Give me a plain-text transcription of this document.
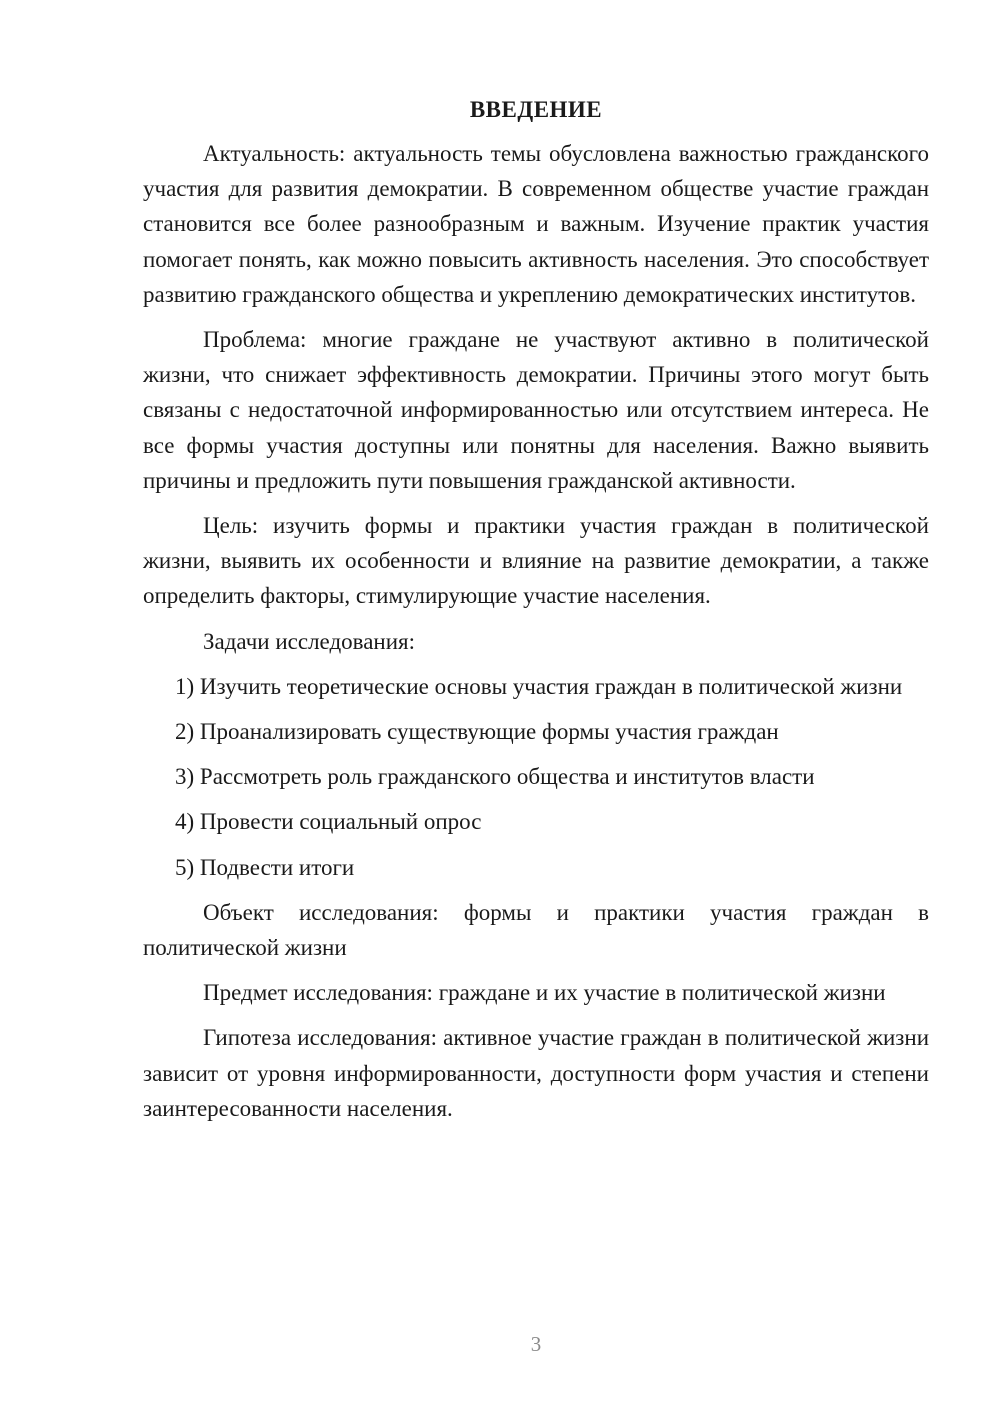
ВВЕДЕНИЕ

Актуальность: актуальность темы обусловлена важностью гражданского участия для развития демократии. В современном обществе участие граждан становится все более разнообразным и важным. Изучение практик участия помогает понять, как можно повысить активность населения. Это способствует развитию гражданского общества и укреплению демократических институтов.

Проблема: многие граждане не участвуют активно в политической жизни, что снижает эффективность демократии. Причины этого могут быть связаны с недостаточной информированностью или отсутствием интереса. Не все формы участия доступны или понятны для населения. Важно выявить причины и предложить пути повышения гражданской активности.

Цель: изучить формы и практики участия граждан в политической жизни, выявить их особенности и влияние на развитие демократии, а также определить факторы, стимулирующие участие населения.

Задачи исследования:

1) Изучить теоретические основы участия граждан в политической жизни

2) Проанализировать существующие формы участия граждан

3) Рассмотреть роль гражданского общества и институтов власти

4) Провести социальный опрос

5) Подвести итоги

Объект исследования: формы и практики участия граждан в политической жизни

Предмет исследования: граждане и их участие в политической жизни

Гипотеза исследования: активное участие граждан в политической жизни зависит от уровня информированности, доступности форм участия и степени заинтересованности населения.

3
